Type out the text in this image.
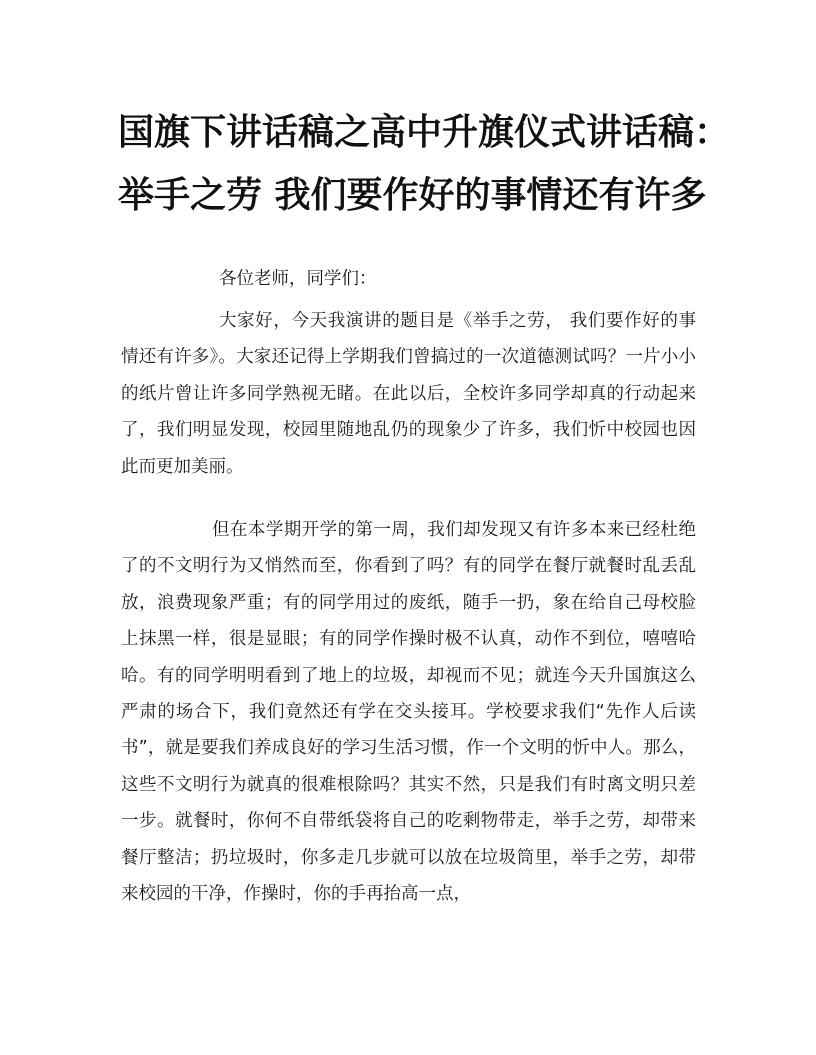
国旗下讲话稿之高中升旗仪式讲话稿：
举手之劳 我们要作好的事情还有许多

各位老师，同学们：

大家好，今天我演讲的题目是《举手之劳， 我们要作好的事情还有许多》。大家还记得上学期我们曾搞过的一次道德测试吗？一片小小的纸片曾让许多同学熟视无睹。在此以后，全校许多同学却真的行动起来了，我们明显发现，校园里随地乱仍的现象少了许多，我们忻中校园也因此而更加美丽。

但在本学期开学的第一周，我们却发现又有许多本来已经杜绝了的不文明行为又悄然而至，你看到了吗？有的同学在餐厅就餐时乱丢乱放，浪费现象严重；有的同学用过的废纸，随手一扔，象在给自己母校脸上抹黑一样，很是显眼；有的同学作操时极不认真，动作不到位，嘻嘻哈哈。有的同学明明看到了地上的垃圾，却视而不见；就连今天升国旗这么严肃的场合下，我们竟然还有学在交头接耳。学校要求我们“先作人后读书”，就是要我们养成良好的学习生活习惯，作一个文明的忻中人。那么，这些不文明行为就真的很难根除吗？其实不然，只是我们有时离文明只差一步。就餐时，你何不自带纸袋将自己的吃剩物带走，举手之劳，却带来餐厅整洁；扔垃圾时，你多走几步就可以放在垃圾筒里，举手之劳，却带来校园的干净，作操时，你的手再抬高一点，
